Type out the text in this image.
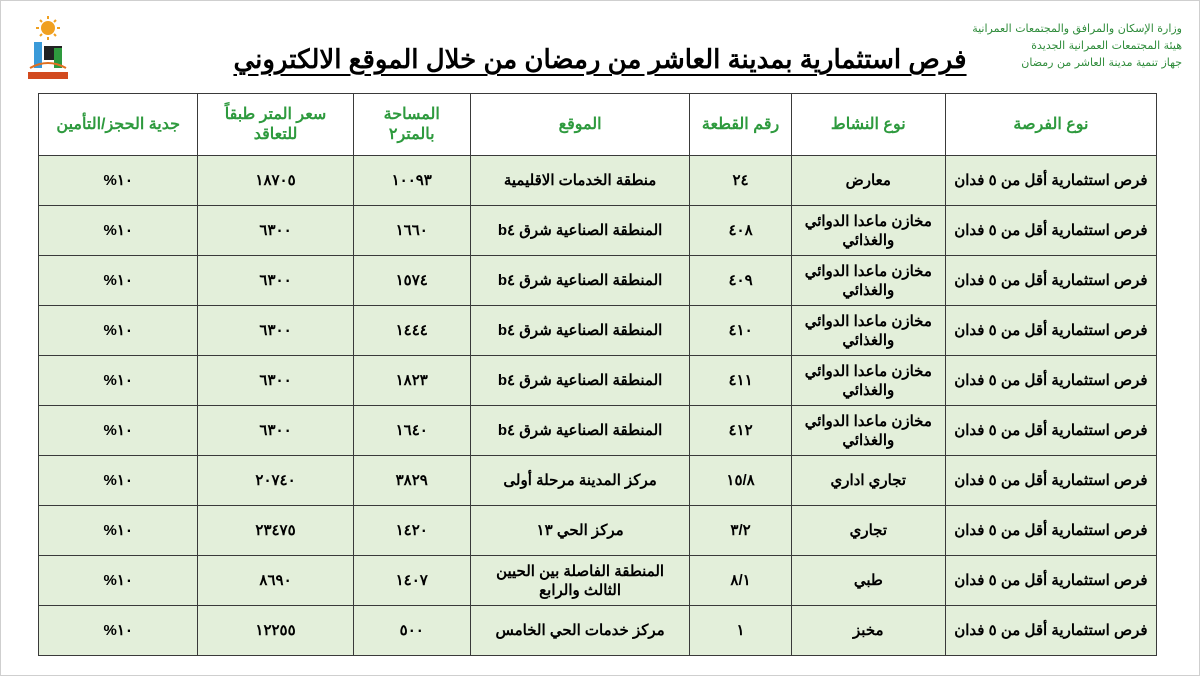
وزارة الإسكان والمرافق والمجتمعات العمرانية
هيئة المجتمعات العمرانية الجديدة
جهاز تنمية مدينة العاشر من رمضان
فرص استثمارية بمدينة العاشر من رمضان من خلال الموقع الالكتروني
نوع الفرصة	نوع النشاط	رقم القطعة	الموقع	المساحة بالمتر٢	سعر المتر طبقاً للتعاقد	جدية الحجز/التأمين
فرص استثمارية أقل من ٥ فدان	معارض	٢٤	منطقة الخدمات الاقليمية	١٠٠٩٣	١٨٧٠٥	١٠%
فرص استثمارية أقل من ٥ فدان	مخازن ماعدا الدوائي والغذائي	٤٠٨	المنطقة الصناعية شرق b٤	١٦٦٠	٦٣٠٠	١٠%
فرص استثمارية أقل من ٥ فدان	مخازن ماعدا الدوائي والغذائي	٤٠٩	المنطقة الصناعية شرق b٤	١٥٧٤	٦٣٠٠	١٠%
فرص استثمارية أقل من ٥ فدان	مخازن ماعدا الدوائي والغذائي	٤١٠	المنطقة الصناعية شرق b٤	١٤٤٤	٦٣٠٠	١٠%
فرص استثمارية أقل من ٥ فدان	مخازن ماعدا الدوائي والغذائي	٤١١	المنطقة الصناعية شرق b٤	١٨٢٣	٦٣٠٠	١٠%
فرص استثمارية أقل من ٥ فدان	مخازن ماعدا الدوائي والغذائي	٤١٢	المنطقة الصناعية شرق b٤	١٦٤٠	٦٣٠٠	١٠%
فرص استثمارية أقل من ٥ فدان	تجاري اداري	١٥/٨	مركز المدينة مرحلة أولى	٣٨٢٩	٢٠٧٤٠	١٠%
فرص استثمارية أقل من ٥ فدان	تجاري	٣/٢	مركز الحي ١٣	١٤٢٠	٢٣٤٧٥	١٠%
فرص استثمارية أقل من ٥ فدان	طبي	٨/١	المنطقة الفاصلة بين الحيين الثالث والرابع	١٤٠٧	٨٦٩٠	١٠%
فرص استثمارية أقل من ٥ فدان	مخبز	١	مركز خدمات الحي الخامس	٥٠٠	١٢٢٥٥	١٠%
